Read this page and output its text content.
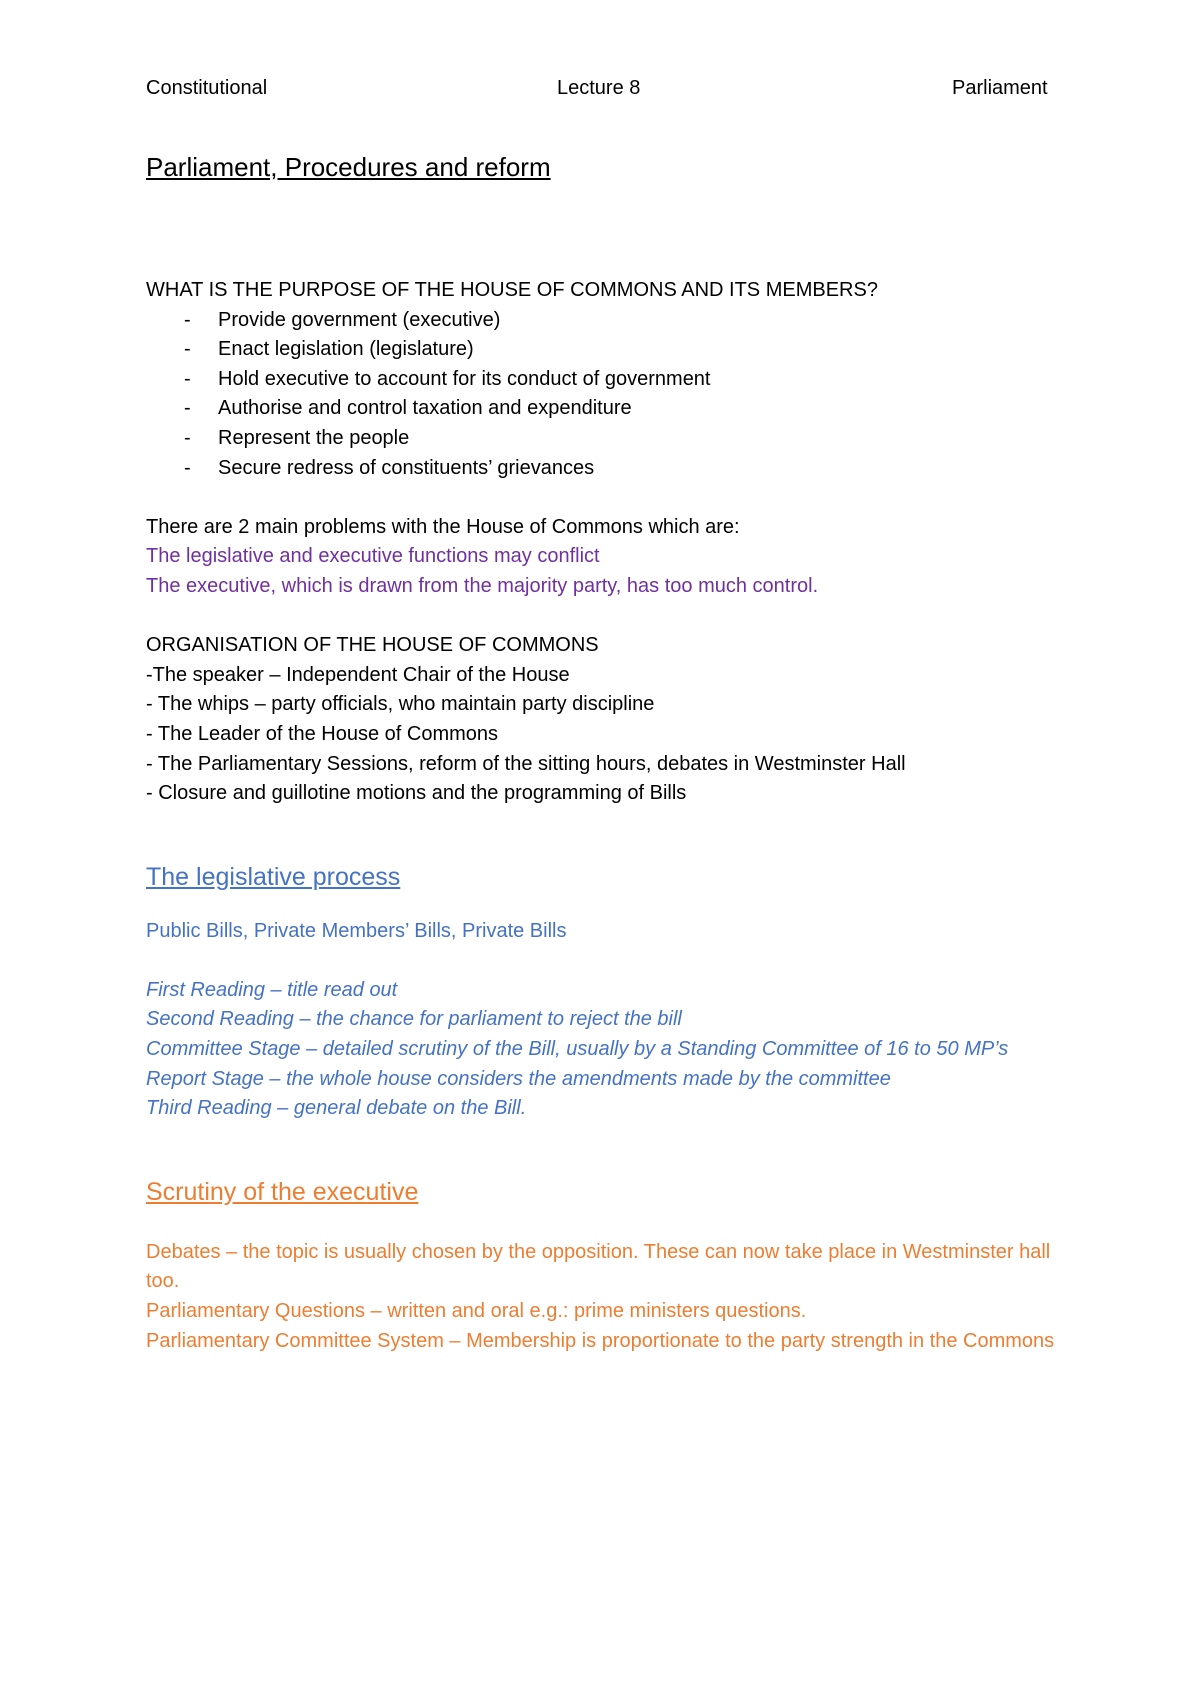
Constitutional	Lecture 8	Parliament
Parliament, Procedures and reform

WHAT IS THE PURPOSE OF THE HOUSE OF COMMONS AND ITS MEMBERS?

- Provide government (executive)
- Enact legislation (legislature)
- Hold executive to account for its conduct of government
- Authorise and control taxation and expenditure
- Represent the people
- Secure redress of constituents’ grievances

There are 2 main problems with the House of Commons which are:

The legislative and executive functions may conflict

The executive, which is drawn from the majority party, has too much control.

ORGANISATION OF THE HOUSE OF COMMONS

-The speaker – Independent Chair of the House

- The whips – party officials, who maintain party discipline

- The Leader of the House of Commons

- The Parliamentary Sessions, reform of the sitting hours, debates in Westminster Hall

- Closure and guillotine motions and the programming of Bills

The legislative process

Public Bills, Private Members’ Bills, Private Bills

First Reading – title read out

Second Reading – the chance for parliament to reject the bill

Committee Stage – detailed scrutiny of the Bill, usually by a Standing Committee of 16 to 50 MP’s

Report Stage – the whole house considers the amendments made by the committee

Third Reading – general debate on the Bill.

Scrutiny of the executive

Debates – the topic is usually chosen by the opposition. These can now take place in Westminster hall too.

Parliamentary Questions – written and oral e.g.: prime ministers questions.

Parliamentary Committee System – Membership is proportionate to the party strength in the Commons
